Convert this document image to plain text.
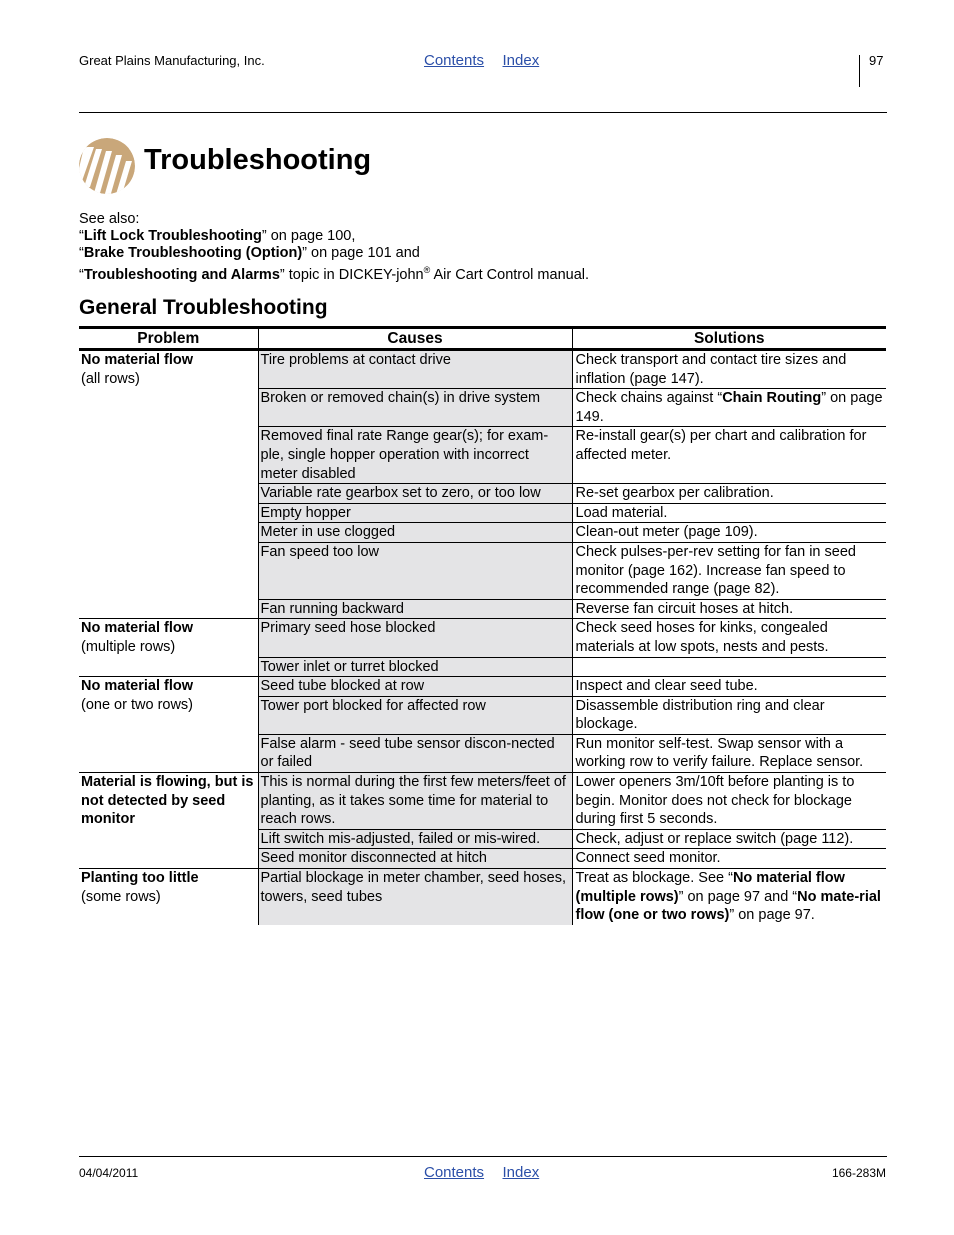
Great Plains Manufacturing, Inc.	Contents Index	97
Troubleshooting
See also:
“Lift Lock Troubleshooting” on page 100,
“Brake Troubleshooting (Option)” on page 101 and
“Troubleshooting and Alarms” topic in DICKEY-john® Air Cart Control manual.
General Troubleshooting
Problem	Causes	Solutions

No material flow
(all rows)	Tire problems at contact drive	Check transport and contact tire sizes and inflation (page 147).
	Broken or removed chain(s) in drive system	Check chains against “Chain Routing” on page 149.
	Removed final rate Range gear(s); for exam-ple, single hopper operation with incorrect meter disabled	Re-install gear(s) per chart and calibration for affected meter.
	Variable rate gearbox set to zero, or too low	Re-set gearbox per calibration.
	Empty hopper	Load material.
	Meter in use clogged	Clean-out meter (page 109).
	Fan speed too low	Check pulses-per-rev setting for fan in seed monitor (page 162). Increase fan speed to recommended range (page 82).
	Fan running backward	Reverse fan circuit hoses at hitch.

No material flow
(multiple rows)	Primary seed hose blocked	Check seed hoses for kinks, congealed materials at low spots, nests and pests.
	Tower inlet or turret blocked	

No material flow
(one or two rows)	Seed tube blocked at row	Inspect and clear seed tube.
	Tower port blocked for affected row	Disassemble distribution ring and clear blockage.
	False alarm - seed tube sensor discon-nected or failed	Run monitor self-test. Swap sensor with a working row to verify failure. Replace sensor.

Material is flowing, but is not detected by seed monitor	This is normal during the first few meters/feet of planting, as it takes some time for material to reach rows.	Lower openers 3m/10ft before planting is to begin. Monitor does not check for blockage during first 5 seconds.
	Lift switch mis-adjusted, failed or mis-wired.	Check, adjust or replace switch (page 112).
	Seed monitor disconnected at hitch	Connect seed monitor.

Planting too little
(some rows)	Partial blockage in meter chamber, seed hoses, towers, seed tubes	Treat as blockage. See “No material flow (multiple rows)” on page 97 and “No mate-rial flow (one or two rows)” on page 97.
04/04/2011	Contents Index	166-283M
